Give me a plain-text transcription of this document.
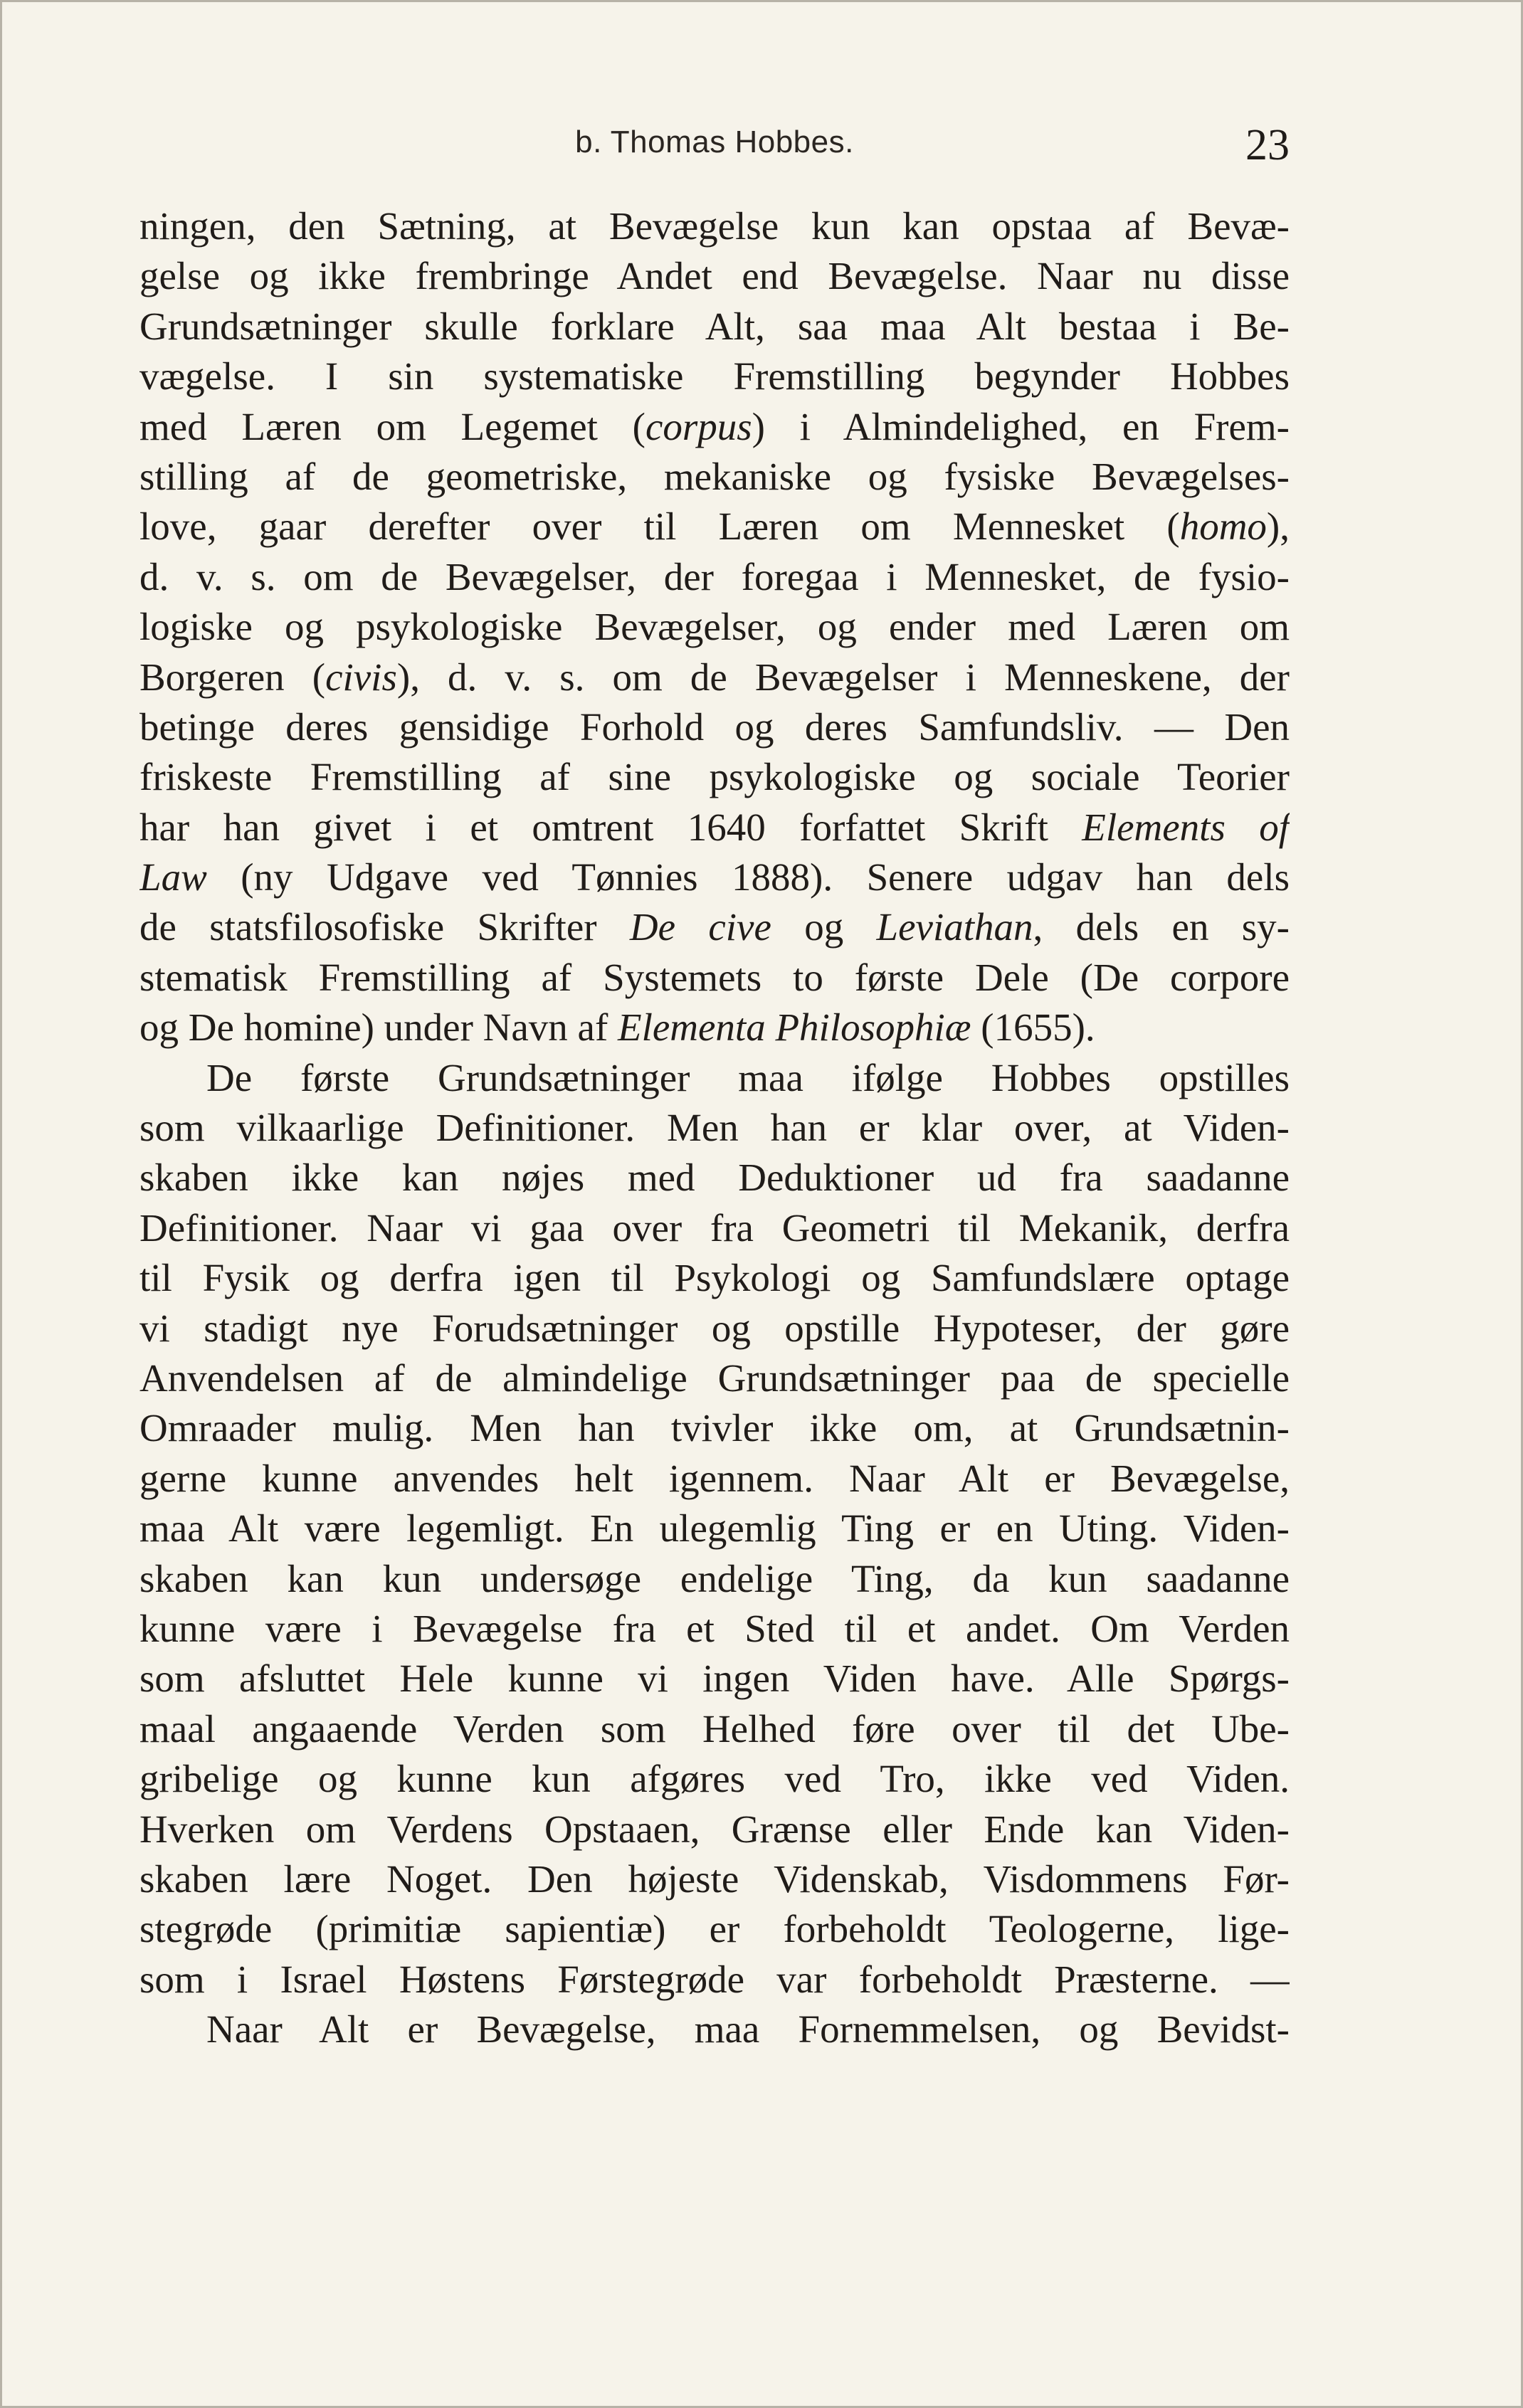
b. Thomas Hobbes.	23
ningen, den Sætning, at Bevægelse kun kan opstaa af Bevæ-
gelse og ikke frembringe Andet end Bevægelse. Naar nu disse
Grundsætninger skulle forklare Alt, saa maa Alt bestaa i Be-
vægelse. I sin systematiske Fremstilling begynder Hobbes
med Læren om Legemet (corpus) i Almindelighed, en Frem-
stilling af de geometriske, mekaniske og fysiske Bevægelses-
love, gaar derefter over til Læren om Mennesket (homo),
d. v. s. om de Bevægelser, der foregaa i Mennesket, de fysio-
logiske og psykologiske Bevægelser, og ender med Læren om
Borgeren (civis), d. v. s. om de Bevægelser i Menneskene, der
betinge deres gensidige Forhold og deres Samfundsliv. — Den
friskeste Fremstilling af sine psykologiske og sociale Teorier
har han givet i et omtrent 1640 forfattet Skrift Elements of
Law (ny Udgave ved Tønnies 1888). Senere udgav han dels
de statsfilosofiske Skrifter De cive og Leviathan, dels en sy-
stematisk Fremstilling af Systemets to første Dele (De corpore
og De homine) under Navn af Elementa Philosophiæ (1655).
De første Grundsætninger maa ifølge Hobbes opstilles
som vilkaarlige Definitioner. Men han er klar over, at Viden-
skaben ikke kan nøjes med Deduktioner ud fra saadanne
Definitioner. Naar vi gaa over fra Geometri til Mekanik, derfra
til Fysik og derfra igen til Psykologi og Samfundslære optage
vi stadigt nye Forudsætninger og opstille Hypoteser, der gøre
Anvendelsen af de almindelige Grundsætninger paa de specielle
Omraader mulig. Men han tvivler ikke om, at Grundsætnin-
gerne kunne anvendes helt igennem. Naar Alt er Bevægelse,
maa Alt være legemligt. En ulegemlig Ting er en Uting. Viden-
skaben kan kun undersøge endelige Ting, da kun saadanne
kunne være i Bevægelse fra et Sted til et andet. Om Verden
som afsluttet Hele kunne vi ingen Viden have. Alle Spørgs-
maal angaaende Verden som Helhed føre over til det Ube-
gribelige og kunne kun afgøres ved Tro, ikke ved Viden.
Hverken om Verdens Opstaaen, Grænse eller Ende kan Viden-
skaben lære Noget. Den højeste Videnskab, Visdommens Før-
stegrøde (primitiæ sapientiæ) er forbeholdt Teologerne, lige-
som i Israel Høstens Førstegrøde var forbeholdt Præsterne. —
Naar Alt er Bevægelse, maa Fornemmelsen, og Bevidst-
